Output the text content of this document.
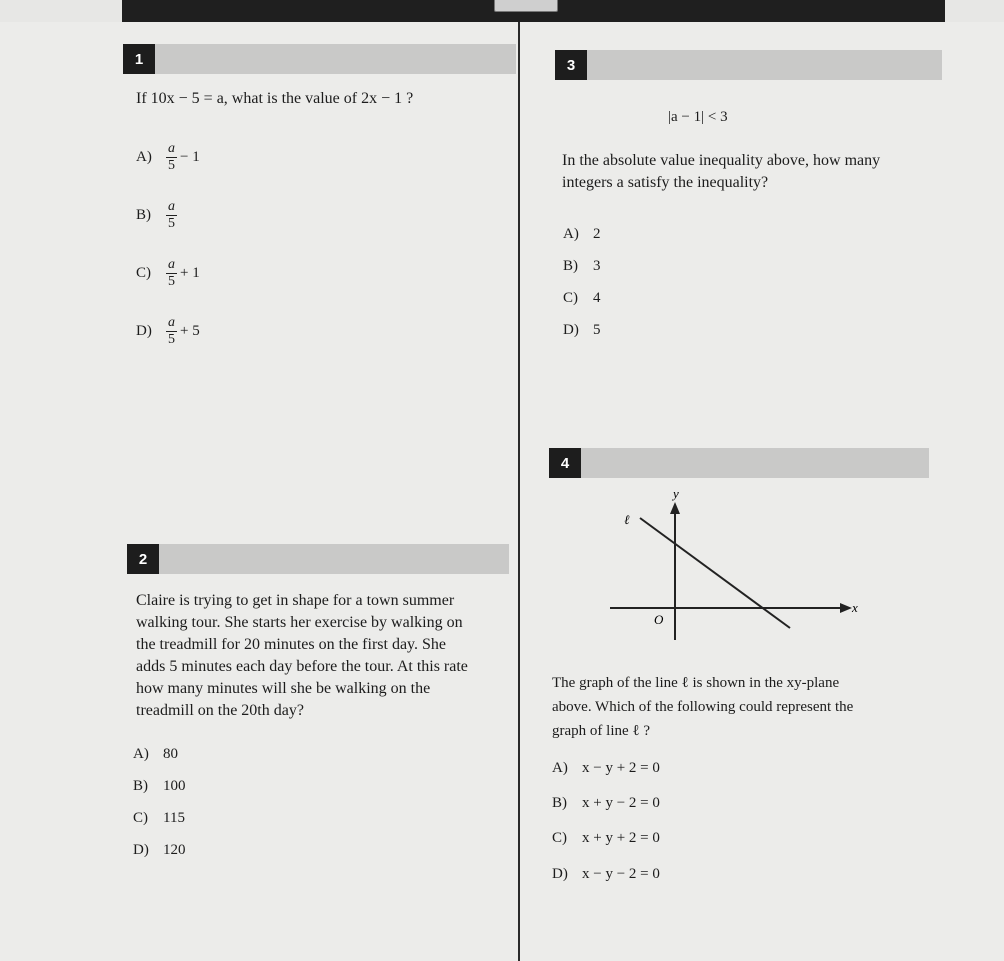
1
If 10x − 5 = a, what is the value of 2x − 1 ?
A)	$\frac{a}{5} - 1$
B)	$\frac{a}{5}$
C)	$\frac{a}{5} + 1$
D)	$\frac{a}{5} + 5$
2
Claire is trying to get in shape for a town summer
walking tour. She starts her exercise by walking on
the treadmill for 20 minutes on the first day. She
adds 5 minutes each day before the tour. At this rate
how many minutes will she be walking on the
treadmill on the 20th day?
A) 80
B)	100
C)	115
D) 120
3
|a − 1| < 3
In the absolute value inequality above, how many
integers a satisfy the inequality?
A) 2
B)	3
C)	4
D) 5
4
y
x
O
ℓ
The graph of the line ℓ is shown in the xy-plane
above. Which of the following could represent the
graph of line ℓ ?
A) x − y + 2 = 0
B)	x + y − 2 = 0
C)	x + y + 2 = 0
D) x − y − 2 = 0
